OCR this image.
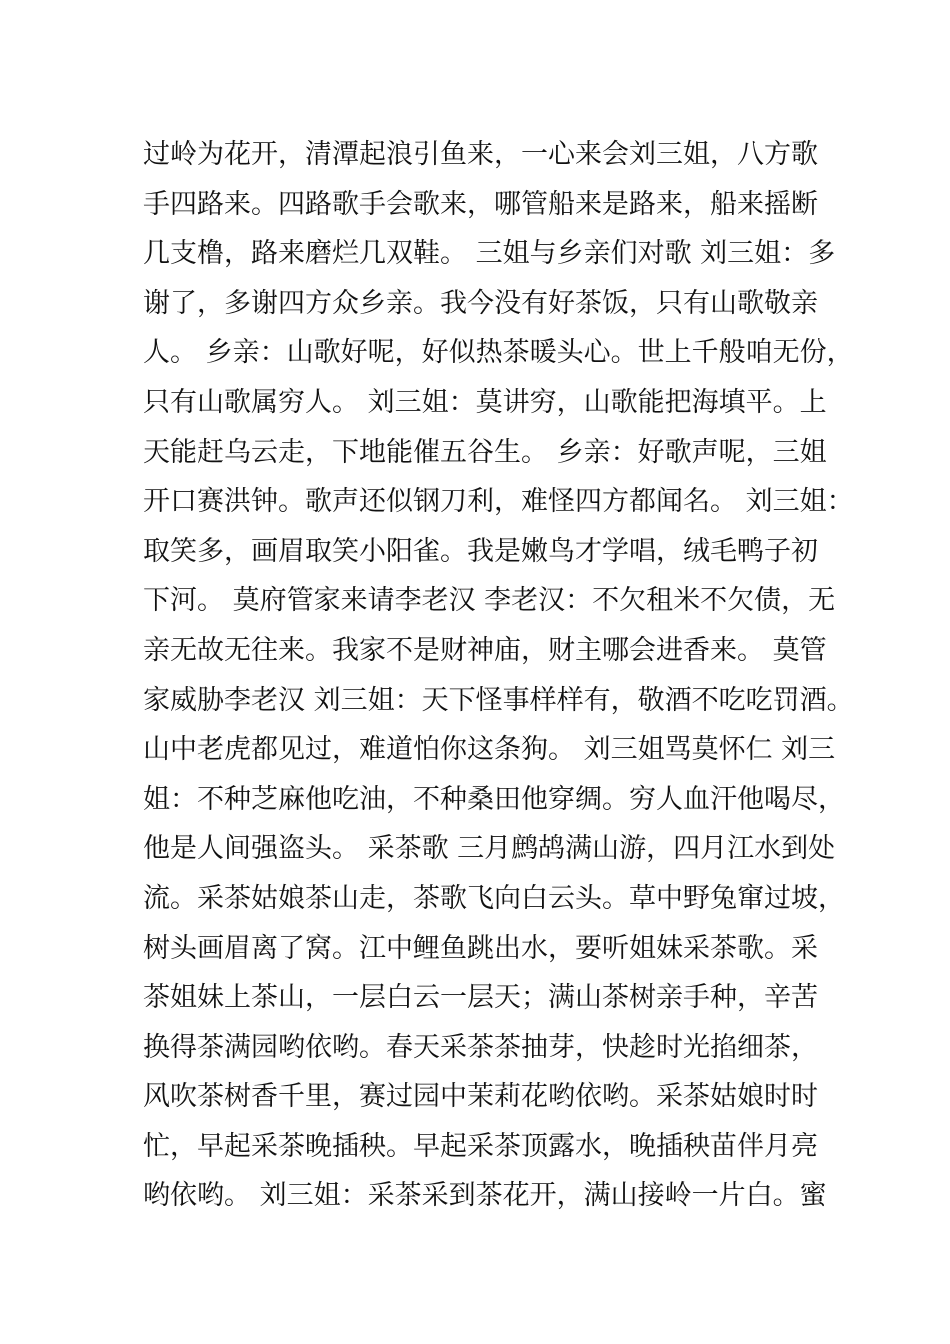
过岭为花开，清潭起浪引鱼来，一心来会刘三姐，八方歌
手四路来。四路歌手会歌来，哪管船来是路来，船来摇断
几支橹，路来磨烂几双鞋。 三姐与乡亲们对歌 刘三姐：多
谢了，多谢四方众乡亲。我今没有好茶饭，只有山歌敬亲
人。 乡亲：山歌好呢，好似热茶暖头心。世上千般咱无份，
只有山歌属穷人。 刘三姐：莫讲穷，山歌能把海填平。上
天能赶乌云走，下地能催五谷生。 乡亲：好歌声呢，三姐
开口赛洪钟。歌声还似钢刀利，难怪四方都闻名。 刘三姐：
取笑多，画眉取笑小阳雀。我是嫩鸟才学唱，绒毛鸭子初
下河。 莫府管家来请李老汉 李老汉：不欠租米不欠债，无
亲无故无往来。我家不是财神庙，财主哪会进香来。 莫管
家威胁李老汉 刘三姐：天下怪事样样有，敬酒不吃吃罚酒。
山中老虎都见过，难道怕你这条狗。 刘三姐骂莫怀仁 刘三
姐：不种芝麻他吃油，不种桑田他穿绸。穷人血汗他喝尽，
他是人间强盗头。 采茶歌 三月鹧鸪满山游，四月江水到处
流。采茶姑娘茶山走，茶歌飞向白云头。草中野兔窜过坡，
树头画眉离了窝。江中鲤鱼跳出水，要听姐妹采茶歌。采
茶姐妹上茶山，一层白云一层天；满山茶树亲手种，辛苦
换得茶满园哟依哟。春天采茶茶抽芽，快趁时光掐细茶，
风吹茶树香千里，赛过园中茉莉花哟依哟。采茶姑娘时时
忙，早起采茶晚插秧。早起采茶顶露水，晚插秧苗伴月亮
哟依哟。 刘三姐：采茶采到茶花开，满山接岭一片白。蜜
